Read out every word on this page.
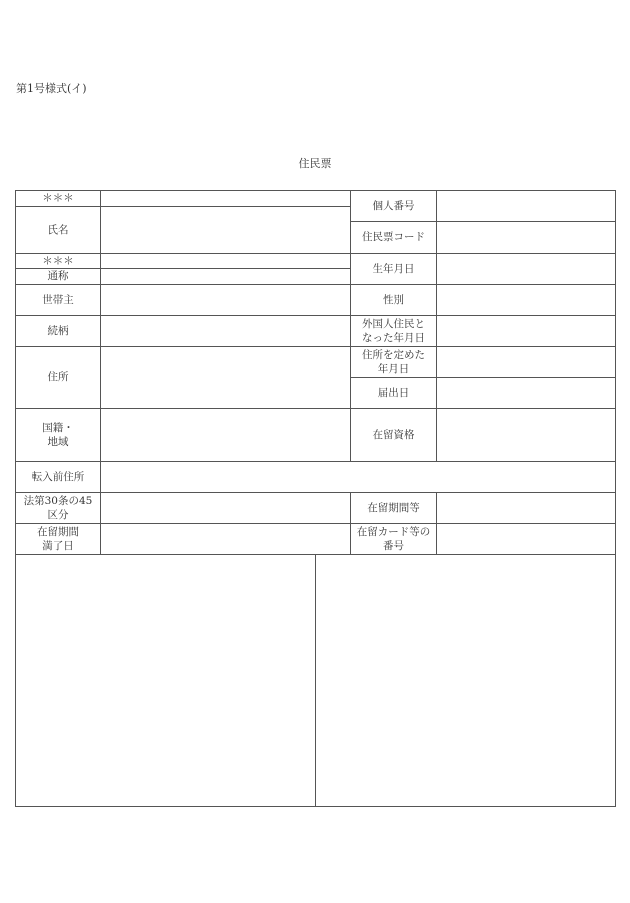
第1号様式(イ)
住民票
＊＊＊
氏名
＊＊＊
通称
世帯主
続柄
住所
国籍・
地域
転入前住所
法第30条の45
区分
在留期間
満了日
個人番号
住民票コード
生年月日
性別
外国人住民と
なった年月日
住所を定めた
年月日
届出日
在留資格
在留期間等
在留カード等の
番号
